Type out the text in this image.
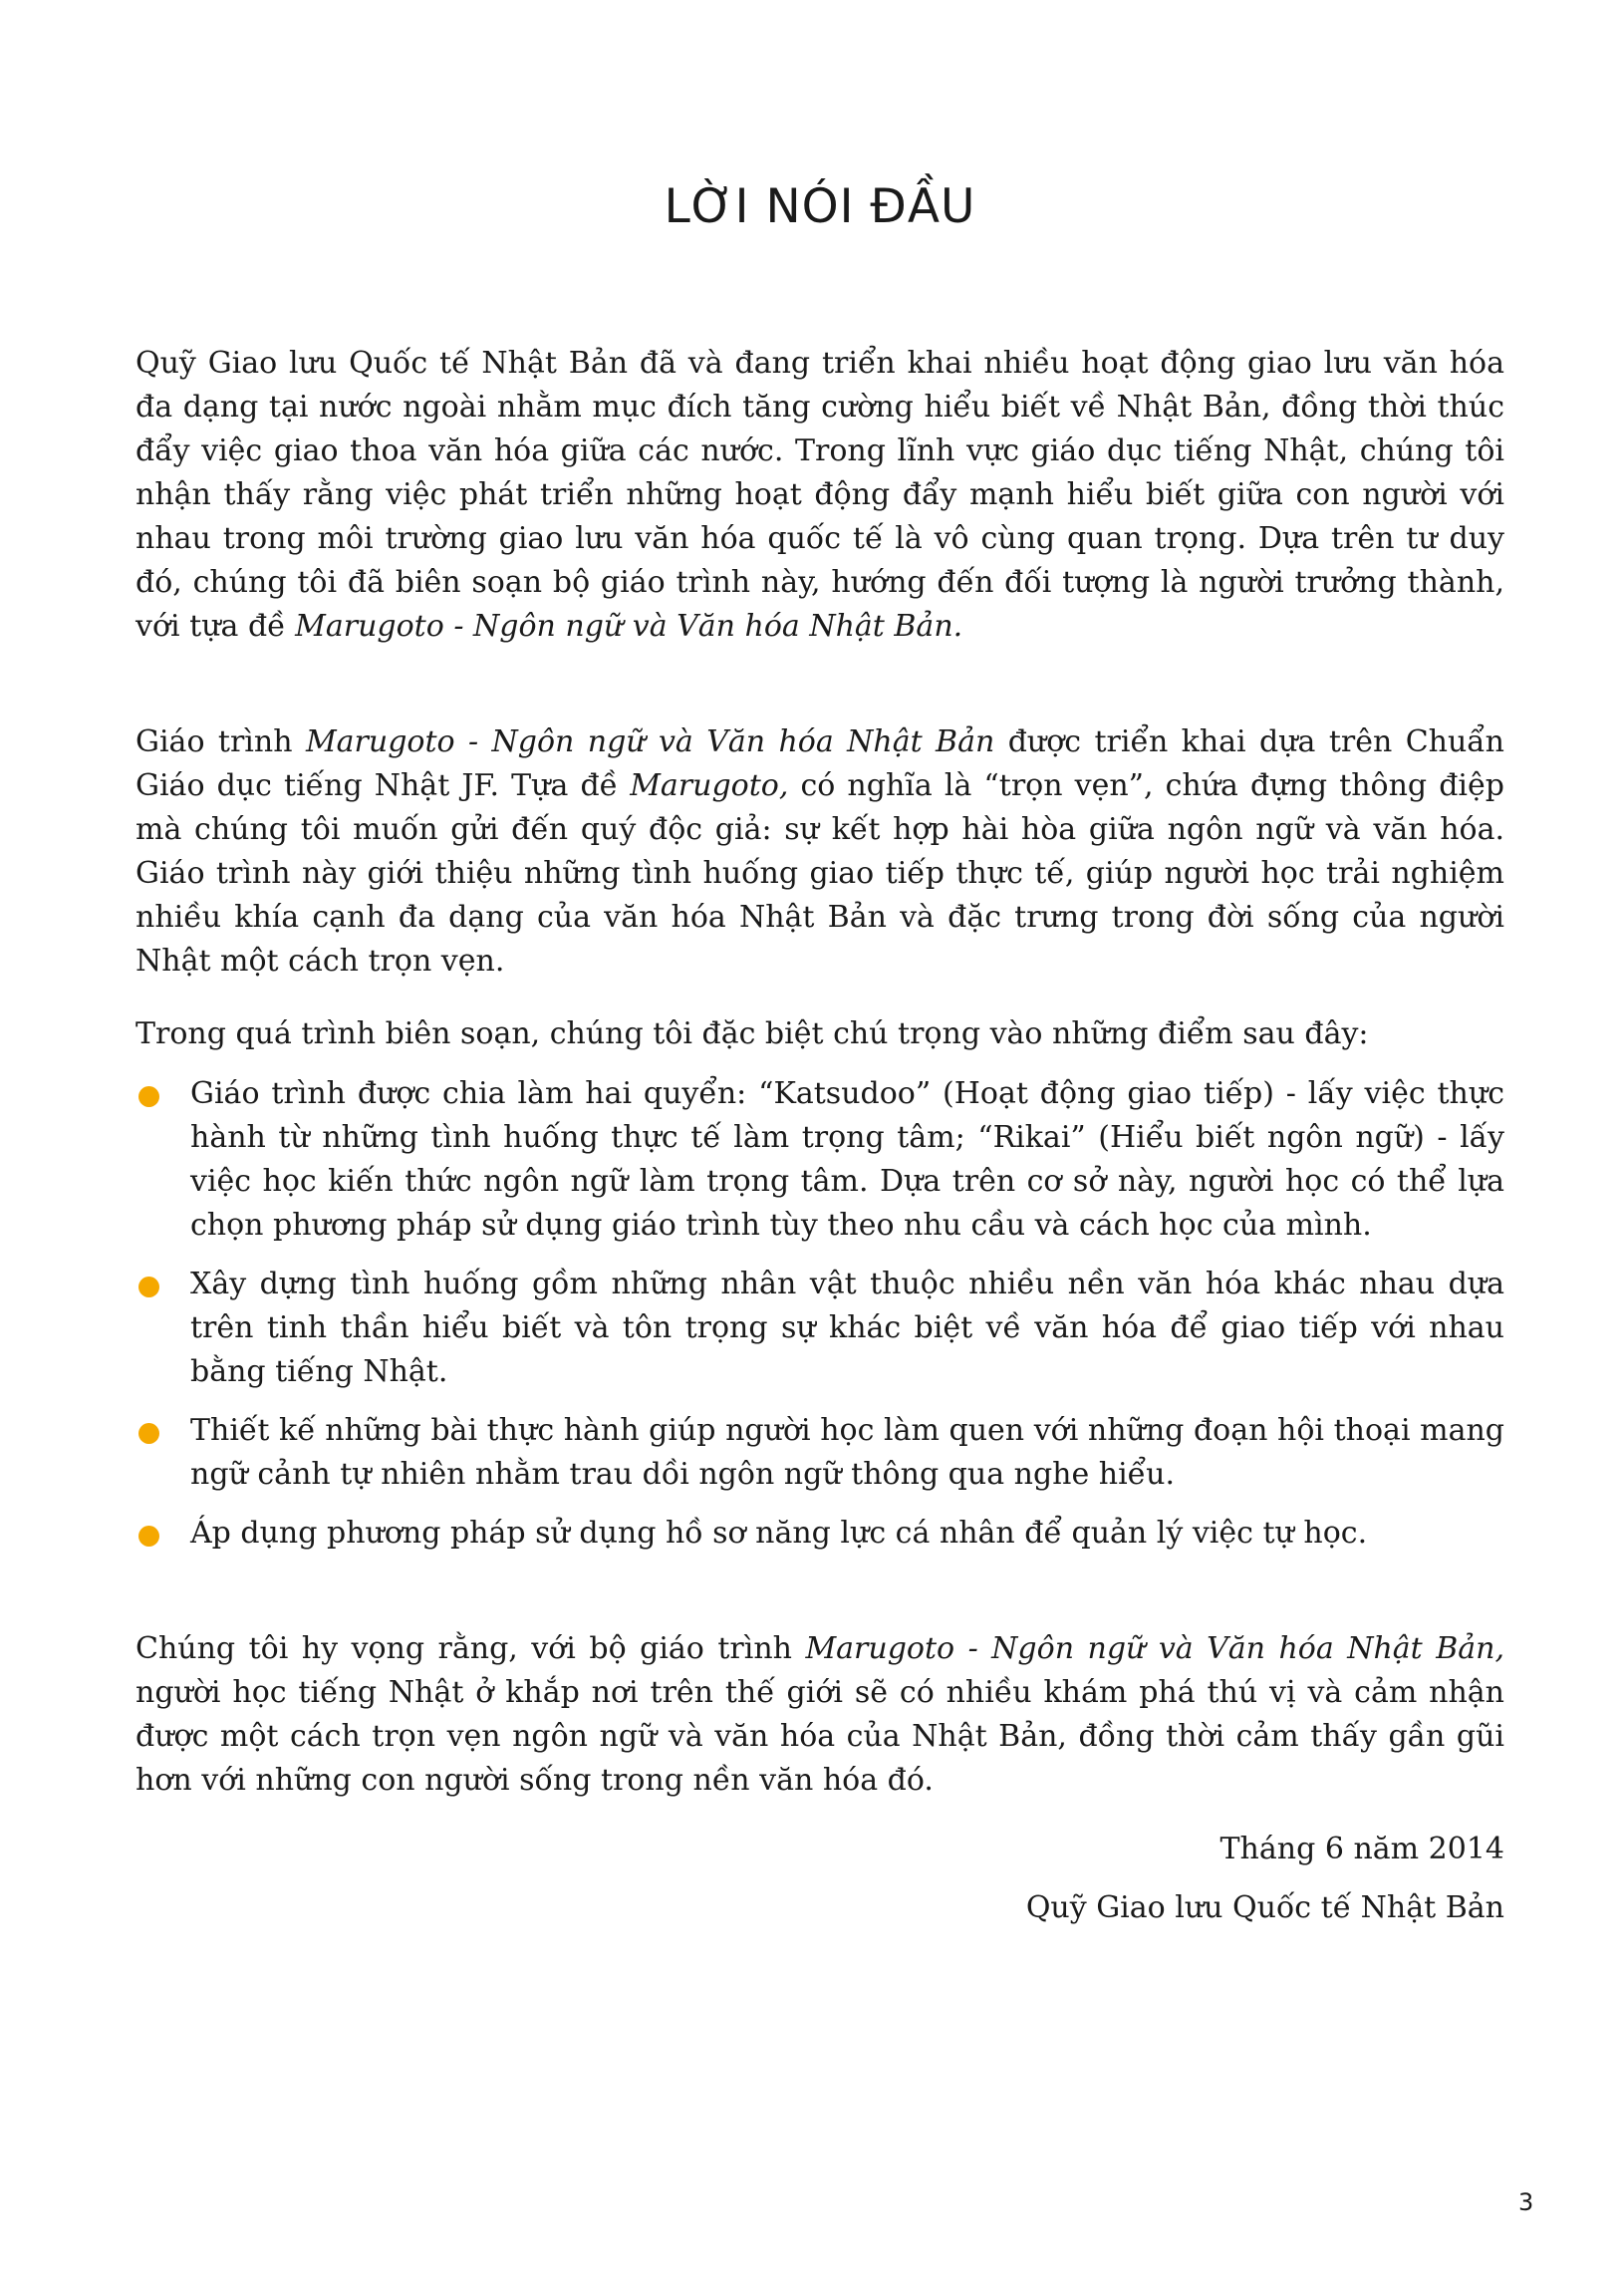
LỜI NÓI ĐẦU

Quỹ Giao lưu Quốc tế Nhật Bản đã và đang triển khai nhiều hoạt động giao lưu văn hóa đa dạng tại nước ngoài nhằm mục đích tăng cường hiểu biết về Nhật Bản, đồng thời thúc đẩy việc giao thoa văn hóa giữa các nước. Trong lĩnh vực giáo dục tiếng Nhật, chúng tôi nhận thấy rằng việc phát triển những hoạt động đẩy mạnh hiểu biết giữa con người với nhau trong môi trường giao lưu văn hóa quốc tế là vô cùng quan trọng. Dựa trên tư duy đó, chúng tôi đã biên soạn bộ giáo trình này, hướng đến đối tượng là người trưởng thành, với tựa đề Marugoto - Ngôn ngữ và Văn hóa Nhật Bản.

Giáo trình Marugoto - Ngôn ngữ và Văn hóa Nhật Bản được triển khai dựa trên Chuẩn Giáo dục tiếng Nhật JF. Tựa đề Marugoto, có nghĩa là “trọn vẹn”, chứa đựng thông điệp mà chúng tôi muốn gửi đến quý độc giả: sự kết hợp hài hòa giữa ngôn ngữ và văn hóa. Giáo trình này giới thiệu những tình huống giao tiếp thực tế, giúp người học trải nghiệm nhiều khía cạnh đa dạng của văn hóa Nhật Bản và đặc trưng trong đời sống của người Nhật một cách trọn vẹn.

Trong quá trình biên soạn, chúng tôi đặc biệt chú trọng vào những điểm sau đây:

Giáo trình được chia làm hai quyển: “Katsudoo” (Hoạt động giao tiếp) - lấy việc thực hành từ những tình huống thực tế làm trọng tâm; “Rikai” (Hiểu biết ngôn ngữ) - lấy việc học kiến thức ngôn ngữ làm trọng tâm. Dựa trên cơ sở này, người học có thể lựa chọn phương pháp sử dụng giáo trình tùy theo nhu cầu và cách học của mình.
Xây dựng tình huống gồm những nhân vật thuộc nhiều nền văn hóa khác nhau dựa trên tinh thần hiểu biết và tôn trọng sự khác biệt về văn hóa để giao tiếp với nhau bằng tiếng Nhật.
Thiết kế những bài thực hành giúp người học làm quen với những đoạn hội thoại mang ngữ cảnh tự nhiên nhằm trau dồi ngôn ngữ thông qua nghe hiểu.
Áp dụng phương pháp sử dụng hồ sơ năng lực cá nhân để quản lý việc tự học.

Chúng tôi hy vọng rằng, với bộ giáo trình Marugoto - Ngôn ngữ và Văn hóa Nhật Bản, người học tiếng Nhật ở khắp nơi trên thế giới sẽ có nhiều khám phá thú vị và cảm nhận được một cách trọn vẹn ngôn ngữ và văn hóa của Nhật Bản, đồng thời cảm thấy gần gũi hơn với những con người sống trong nền văn hóa đó.

Tháng 6 năm 2014

Quỹ Giao lưu Quốc tế Nhật Bản

3
